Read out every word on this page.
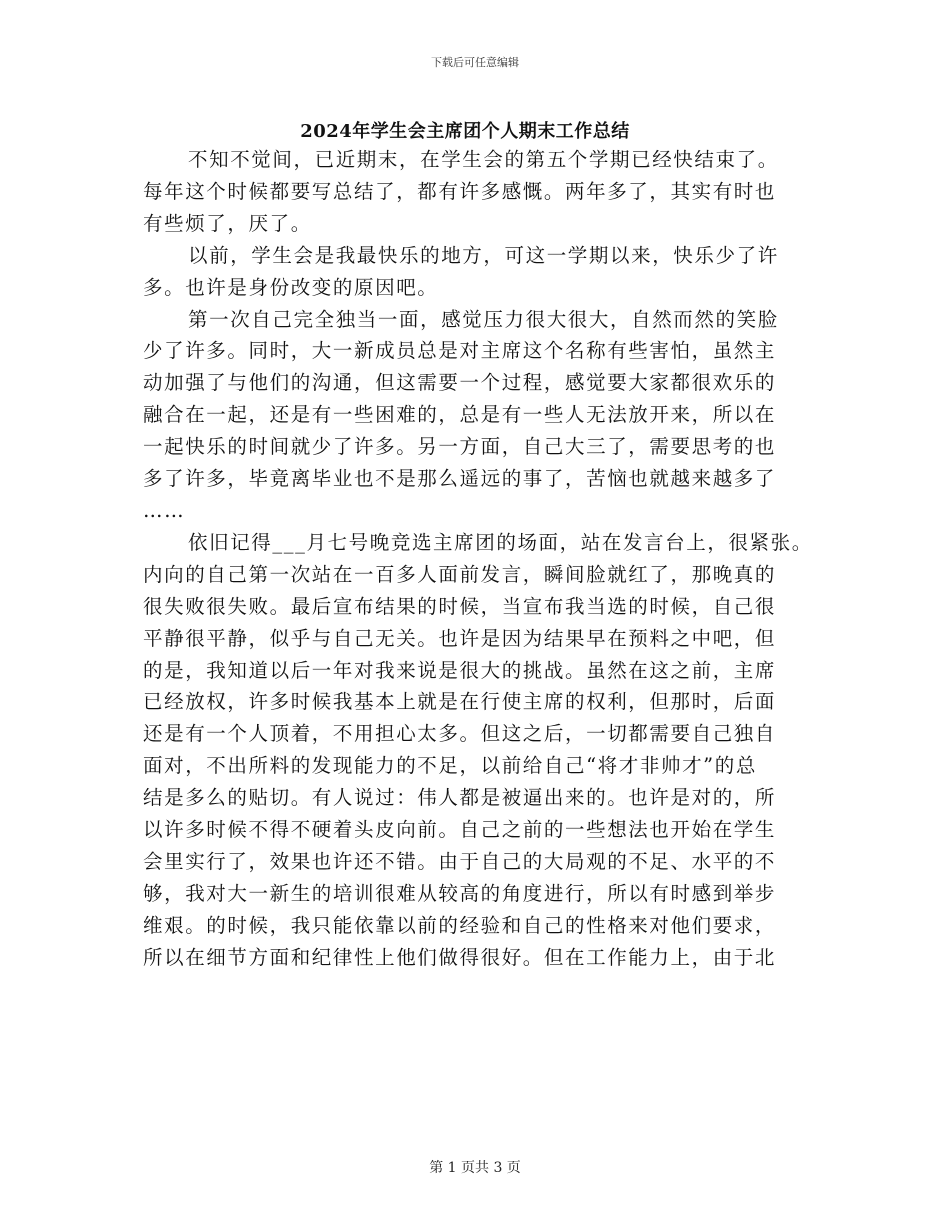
下载后可任意编辑
2024年学生会主席团个人期末工作总结

不知不觉间，已近期末，在学生会的第五个学期已经快结束了。
每年这个时候都要写总结了，都有许多感慨。两年多了，其实有时也
有些烦了，厌了。

以前，学生会是我最快乐的地方，可这一学期以来，快乐少了许
多。也许是身份改变的原因吧。

第一次自己完全独当一面，感觉压力很大很大，自然而然的笑脸
少了许多。同时，大一新成员总是对主席这个名称有些害怕，虽然主
动加强了与他们的沟通，但这需要一个过程，感觉要大家都很欢乐的
融合在一起，还是有一些困难的，总是有一些人无法放开来，所以在
一起快乐的时间就少了许多。另一方面，自己大三了，需要思考的也
多了许多，毕竟离毕业也不是那么遥远的事了，苦恼也就越来越多了
……

依旧记得___月七号晚竞选主席团的场面，站在发言台上，很紧张。
内向的自己第一次站在一百多人面前发言，瞬间脸就红了，那晚真的
很失败很失败。最后宣布结果的时候，当宣布我当选的时候，自己很
平静很平静，似乎与自己无关。也许是因为结果早在预料之中吧，但
的是，我知道以后一年对我来说是很大的挑战。虽然在这之前，主席
已经放权，许多时候我基本上就是在行使主席的权利，但那时，后面
还是有一个人顶着，不用担心太多。但这之后，一切都需要自己独自
面对，不出所料的发现能力的不足，以前给自己“将才非帅才”的总
结是多么的贴切。有人说过：伟人都是被逼出来的。也许是对的，所
以许多时候不得不硬着头皮向前。自己之前的一些想法也开始在学生
会里实行了，效果也许还不错。由于自己的大局观的不足、水平的不
够，我对大一新生的培训很难从较高的角度进行，所以有时感到举步
维艰。的时候，我只能依靠以前的经验和自己的性格来对他们要求，
所以在细节方面和纪律性上他们做得很好。但在工作能力上，由于北

第 1 页共 3 页
